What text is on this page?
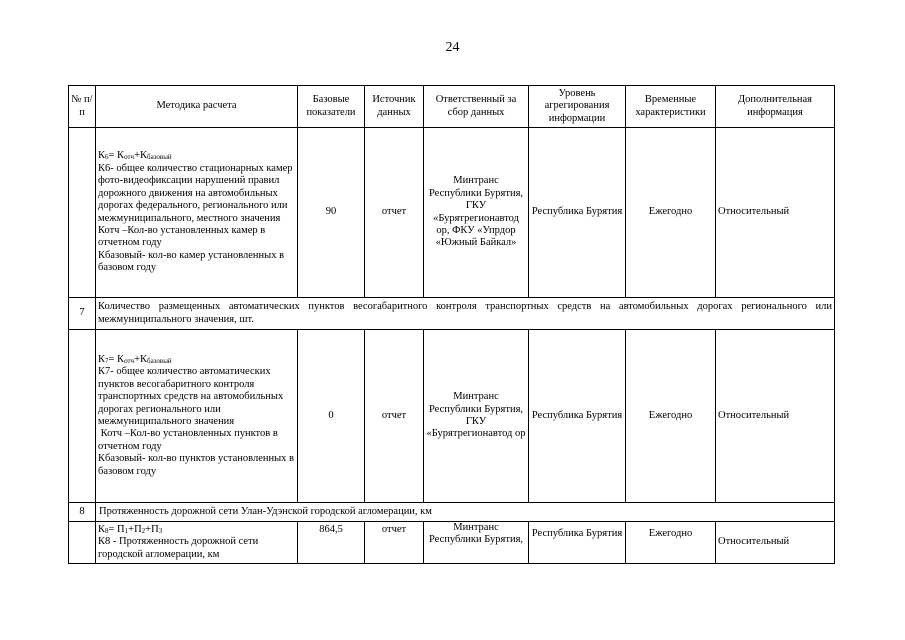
24
№ п/п	Методика расчета	Базовые показатели	Источник данных	Ответственный за сбор данных	Уровень агрегирования информации	Временные характеристики	Дополнительная информация

	$К_6= К_{отч}+К_{базовый}$
К6- общее количество стационарных камер фото-видеофиксации нарушений правил дорожного движения на автомобильных дорогах федерального, регионального или межмуниципального, местного значения
Котч –Кол-во установленных камер в отчетном году
Кбазовый- кол-во камер установленных в базовом году	90	отчет	Минтранс Республики Бурятия, ГКУ «Бурятрегионавтод ор, ФКУ «Упрдор «Южный Байкал»	Республика Бурятия	Ежегодно	Относительный
7	Количество размещенных автоматических пунктов весогабаритного контроля транспортных средств на автомобильных дорогах регионального или межмуниципального значения, шт.						

	$К_7= К_{отч}+К_{базовый}$
К7- общее количество автоматических пунктов весогабаритного контроля транспортных средств на автомобильных дорогах регионального или межмуниципального значения
Котч –Кол-во установленных пунктов в отчетном году
Кбазовый- кол-во пунктов установленных в базовом году	0	отчет	Минтранс Республики Бурятия, ГКУ «Бурятрегионавтод ор	Республика Бурятия	Ежегодно	Относительный
8	Протяженность дорожной сети Улан-Удэнской городской агломерации, км						

	$К_8= П_1+П_2+П_3$
К8 - Протяженность дорожной сети городской агломерации, км	864,5	отчет	Минтранс Республики Бурятия,	Республика Бурятия	Ежегодно	Относительный
